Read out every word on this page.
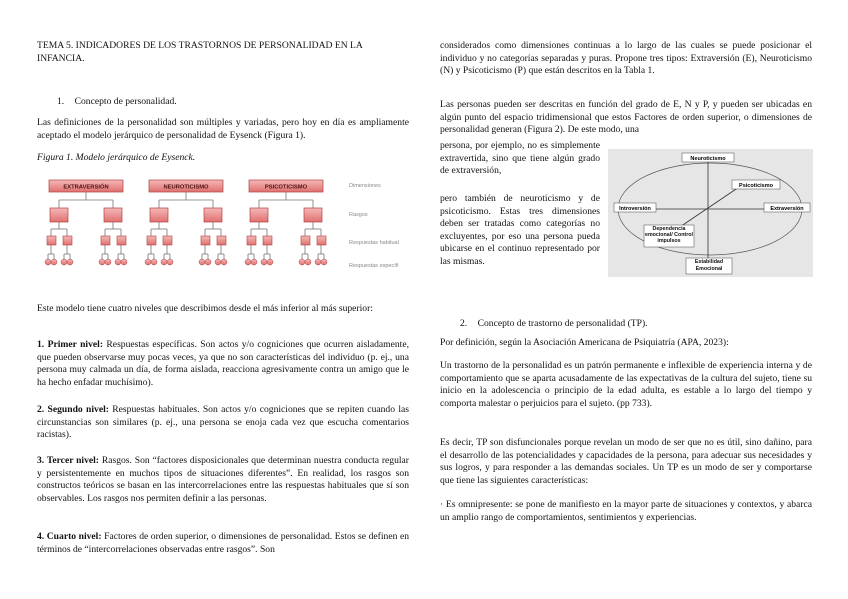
TEMA 5. INDICADORES DE LOS TRASTORNOS DE PERSONALIDAD EN LA INFANCIA.
1. Concepto de personalidad.

Las definiciones de la personalidad son múltiples y variadas, pero hoy en día es ampliamente aceptado el modelo jerárquico de personalidad de Eysenck (Figura 1).

Figura 1. Modelo jerárquico de Eysenck.
EXTRAVERSIÓN	NEUROTICISMO	PSICOTICISMO	Dimensiones
Rasgos
Respuestas habitual
Respuestas específi

Este modelo tiene cuatro niveles que describimos desde el más inferior al más superior:

1. Primer nivel: Respuestas específicas. Son actos y/o cogniciones que ocurren aisladamente, que pueden observarse muy pocas veces, ya que no son características del individuo (p. ej., una persona muy calmada un día, de forma aislada, reacciona agresivamente contra un amigo que le ha hecho enfadar muchísimo).

2. Segundo nivel: Respuestas habituales. Son actos y/o cogniciones que se repiten cuando las circunstancias son similares (p. ej., una persona se enoja cada vez que escucha comentarios racistas).

3. Tercer nivel: Rasgos. Son “factores disposicionales que determinan nuestra conducta regular y persistentemente en muchos tipos de situaciones diferentes”. En realidad, los rasgos son constructos teóricos se basan en las intercorrelaciones entre las respuestas habituales que sí son observables. Los rasgos nos permiten definir a las personas.

4. Cuarto nivel: Factores de orden superior, o dimensiones de personalidad. Estos se definen en términos de “intercorrelaciones observadas entre rasgos”. Son

considerados como dimensiones continuas a lo largo de las cuales se puede posicionar el individuo y no categorías separadas y puras. Propone tres tipos: Extraversión (E), Neuroticismo (N) y Psicoticismo (P) que están descritos en la Tabla 1.

Las personas pueden ser descritas en función del grado de E, N y P, y pueden ser ubicadas en algún punto del espacio tridimensional que estos Factores de orden superior, o dimensiones de personalidad generan (Figura 2). De este modo, una

persona, por ejemplo, no es simplemente extravertida, sino que tiene algún grado de extraversión,

pero también de neuroticismo y de psicoticismo. Estas tres dimensiones deben ser tratadas como categorías no excluyentes, por eso una persona pueda ubicarse en el continuo representado por las mismas.

Neuroticismo
Psicoticismo
Introversión	Extraversión
Dependencia emocional/ Control impulsos
Estabilidad Emocional
2. Concepto de trastorno de personalidad (TP).

Por definición, según la Asociación Americana de Psiquiatría (APA, 2023):

Un trastorno de la personalidad es un patrón permanente e inflexible de experiencia interna y de comportamiento que se aparta acusadamente de las expectativas de la cultura del sujeto, tiene su inicio en la adolescencia o principio de la edad adulta, es estable a lo largo del tiempo y comporta malestar o perjuicios para el sujeto. (pp 733).

Es decir, TP son disfuncionales porque revelan un modo de ser que no es útil, sino dañino, para el desarrollo de las potencialidades y capacidades de la persona, para adecuar sus necesidades y sus logros, y para responder a las demandas sociales. Un TP es un modo de ser y comportarse que tiene las siguientes características:

· Es omnipresente: se pone de manifiesto en la mayor parte de situaciones y contextos, y abarca un amplio rango de comportamientos, sentimientos y experiencias.
